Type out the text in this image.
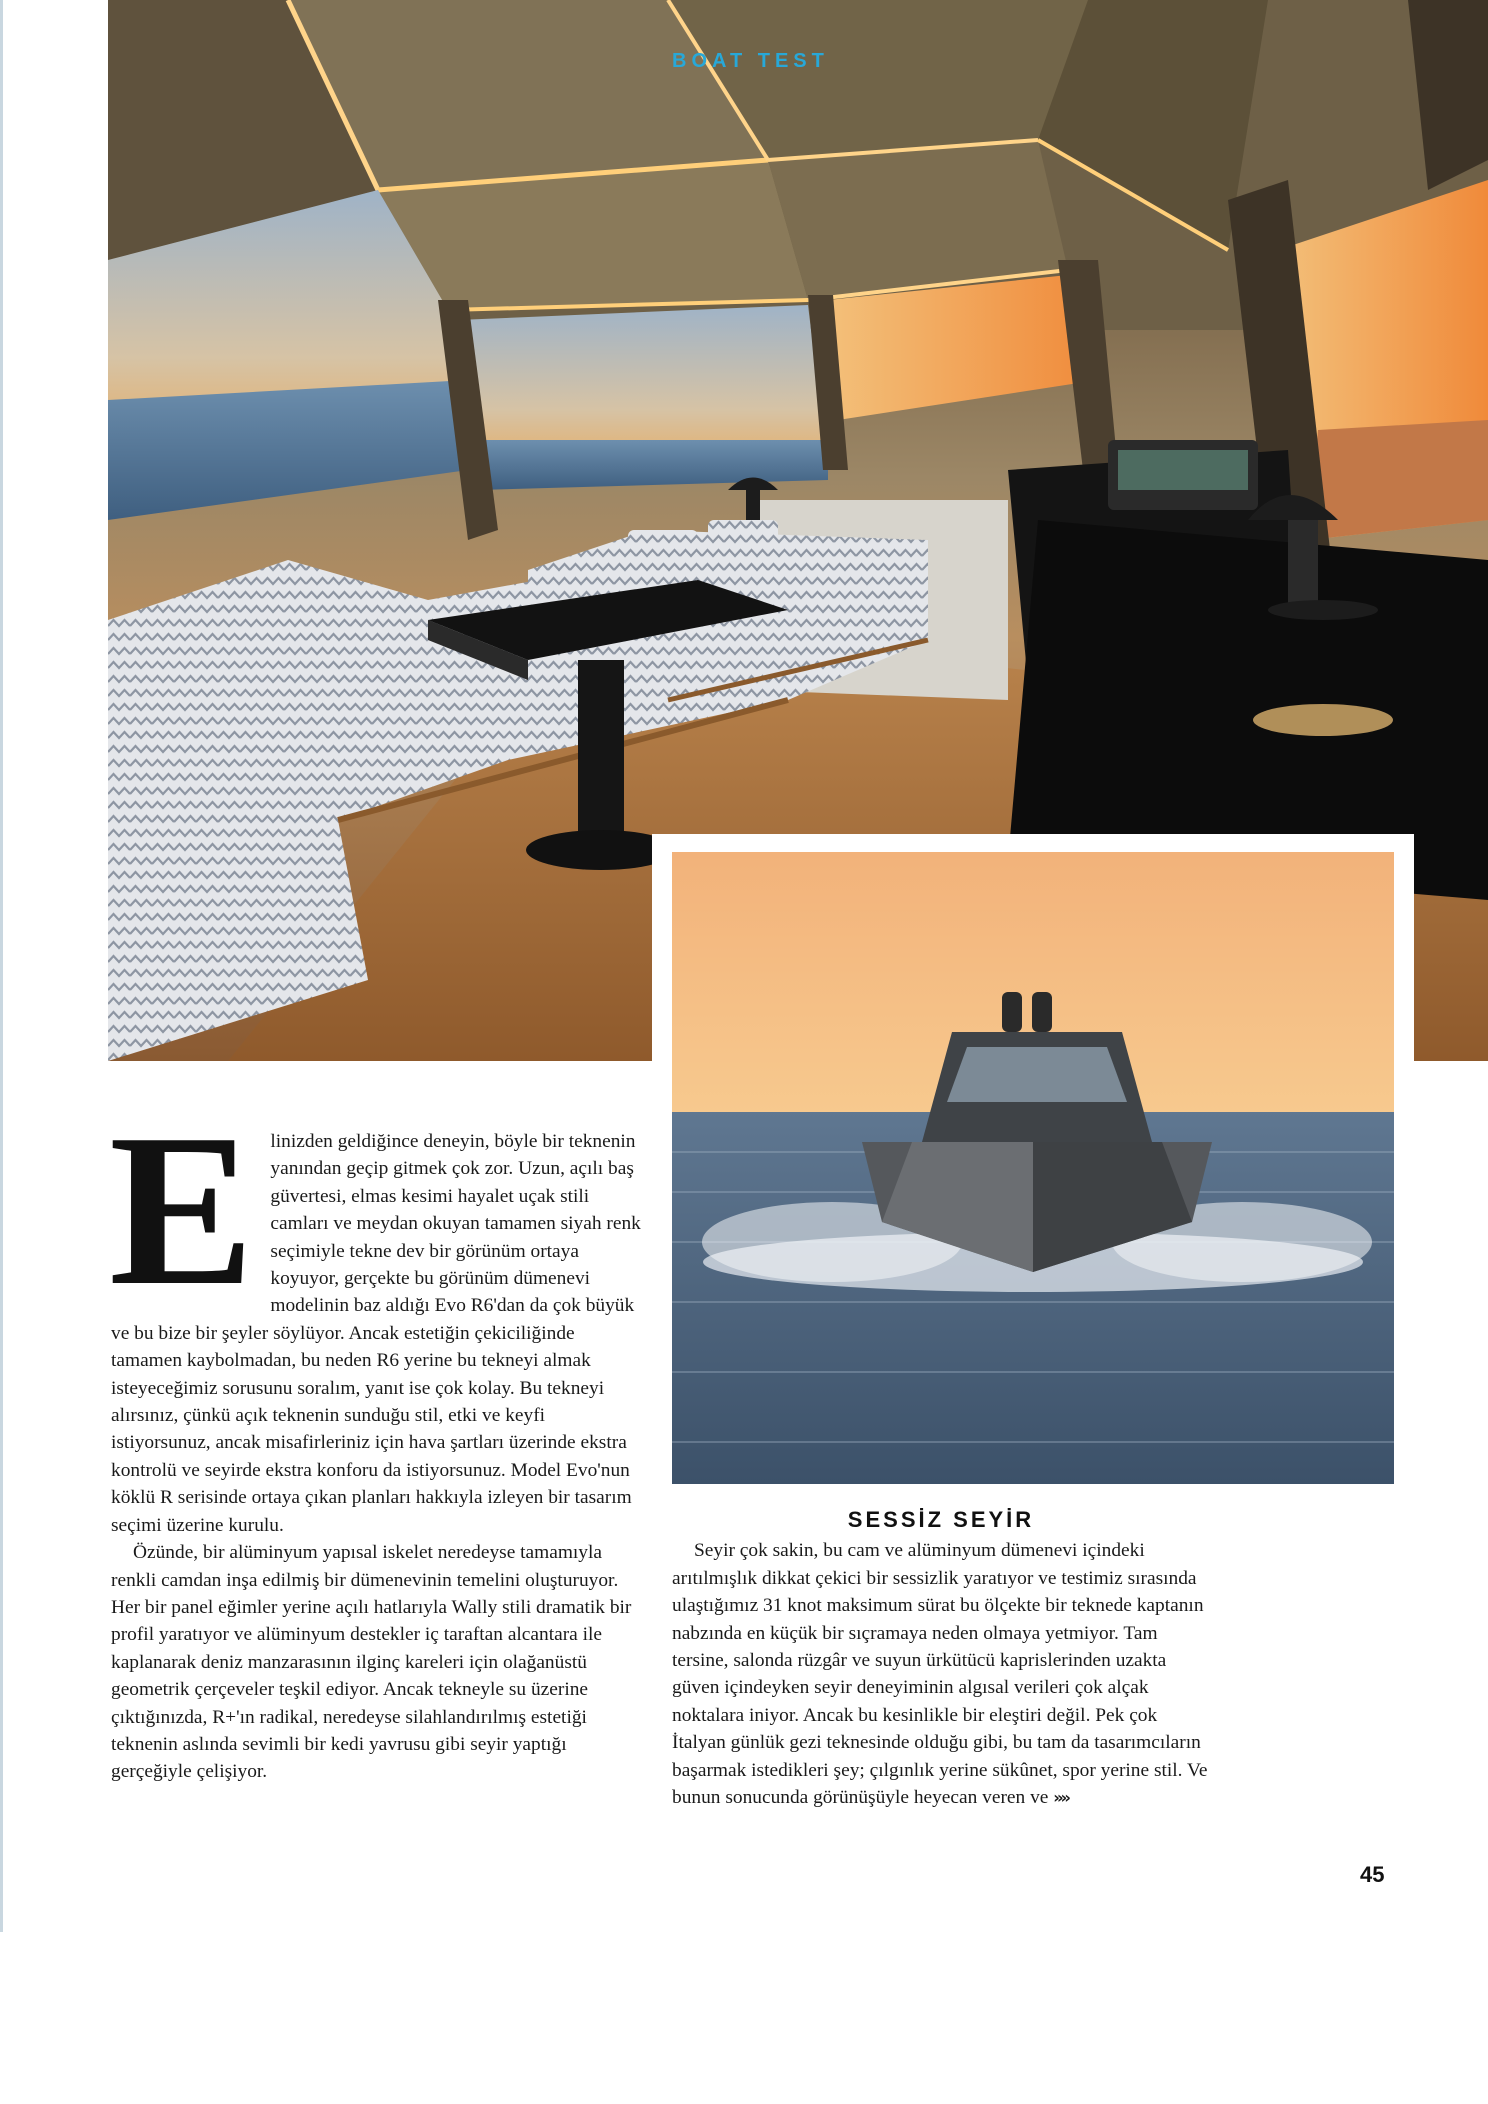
BOAT TEST
E linizden geldiğince deneyin, böyle bir teknenin yanından geçip gitmek çok zor. Uzun, açılı baş güvertesi, elmas kesimi hayalet uçak stili camları ve meydan okuyan tamamen siyah renk seçimiyle tekne dev bir görünüm ortaya koyuyor, gerçekte bu görünüm dümenevi modelinin baz aldığı Evo R6'dan da çok büyük ve bu bize bir şeyler söylüyor. Ancak estetiğin çekiciliğinde tamamen kaybolmadan, bu neden R6 yerine bu tekneyi almak isteyeceğimiz sorusunu soralım, yanıt ise çok kolay. Bu tekneyi alırsınız, çünkü açık teknenin sunduğu stil, etki ve keyfi istiyorsunuz, ancak misafirleriniz için hava şartları üzerinde ekstra kontrolü ve seyirde ekstra konforu da istiyorsunuz. Model Evo'nun köklü R serisinde ortaya çıkan planları hakkıyla izleyen bir tasarım seçimi üzerine kurulu.

Özünde, bir alüminyum yapısal iskelet neredeyse tamamıyla renkli camdan inşa edilmiş bir dümenevinin temelini oluşturuyor. Her bir panel eğimler yerine açılı hatlarıyla Wally stili dramatik bir profil yaratıyor ve alüminyum destekler iç taraftan alcantara ile kaplanarak deniz manzarasının ilginç kareleri için olağanüstü geometrik çerçeveler teşkil ediyor. Ancak tekneyle su üzerine çıktığınızda, R+'ın radikal, neredeyse silahlandırılmış estetiği teknenin aslında sevimli bir kedi yavrusu gibi seyir yaptığı gerçeğiyle çelişiyor.

SESSİZ SEYİR

Seyir çok sakin, bu cam ve alüminyum dümenevi içindeki arıtılmışlık dikkat çekici bir sessizlik yaratıyor ve testimiz sırasında ulaştığımız 31 knot maksimum sürat bu ölçekte bir teknede kaptanın nabzında en küçük bir sıçramaya neden olmaya yetmiyor. Tam tersine, salonda rüzgâr ve suyun ürkütücü kaprislerinden uzakta güven içindeyken seyir deneyiminin algısal verileri çok alçak noktalara iniyor. Ancak bu kesinlikle bir eleştiri değil. Pek çok İtalyan günlük gezi teknesinde olduğu gibi, bu tam da tasarımcıların başarmak istedikleri şey; çılgınlık yerine sükûnet, spor yerine stil. Ve bunun sonucunda görünüşüyle heyecan veren ve »»

45
